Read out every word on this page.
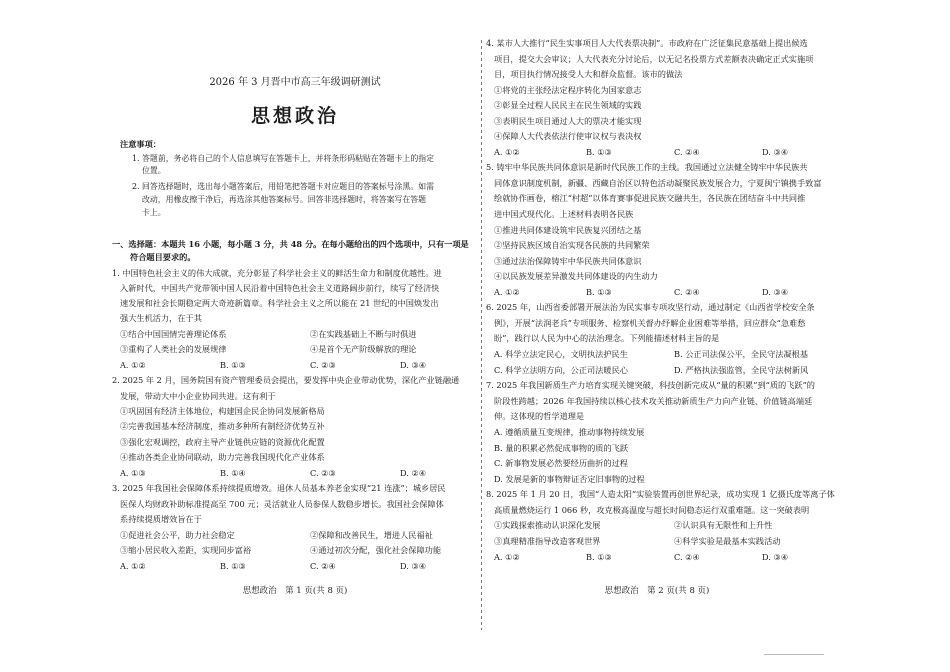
2026 年 3 月晋中市高三年级调研测试
思想政治
注意事项：
1. 答题前，务必将自己的个人信息填写在答题卡上，并将条形码粘贴在答题卡上的指定
位置。
2. 回答选择题时，选出每小题答案后，用铅笔把答题卡对应题目的答案标号涂黑。如需
改动，用橡皮擦干净后，再选涂其他答案标号。回答非选择题时，将答案写在答题
卡上。
一、选择题：本题共 16 小题，每小题 3 分，共 48 分。在每小题给出的四个选项中，只有一项是
符合题目要求的。
1. 中国特色社会主义的伟大成就，充分彰显了科学社会主义的鲜活生命力和制度优越性。进
入新时代，中国共产党带领中国人民沿着中国特色社会主义道路阔步前行，续写了经济快
速发展和社会长期稳定两大奇迹新篇章。科学社会主义之所以能在 21 世纪的中国焕发出
强大生机活力，在于其
①结合中国国情完善理论体系	②在实践基础上不断与时俱进
③重构了人类社会的发展规律	④是首个无产阶级解放的理论
A. ①②	B. ①③	C. ②③	D. ③④
2. 2025 年 2 月，国务院国有资产管理委员会提出，要发挥中央企业带动优势，深化产业链融通
发展，带动大中小企业协同共进。这有利于
①巩固国有经济主体地位，构建国企民企协同发展新格局
②完善我国基本经济制度，推动多种所有制经济优势互补
③强化宏观调控，政府主导产业链供应链的资源优化配置
④推动各类企业协同联动，助力完善我国现代化产业体系
A. ①③	B. ①④	C. ②③	D. ②④
3. 2025 年我国社会保障体系持续提质增效。退休人员基本养老金实现“21 连涨”；城乡居民
医保人均财政补助标准提高至 700 元；灵活就业人员参保人数稳步增长。我国社会保障体
系持续提质增效旨在于
①促进社会公平，助力社会稳定	②保障和改善民生，增进人民福祉
③缩小居民收入差距，实现同步富裕	④通过初次分配，强化社会保障功能
A. ①②	B. ①③	C. ②④	D. ③④
思想政治　第 1 页(共 8 页)
4. 某市人大推行“民生实事项目人大代表票决制”。市政府在广泛征集民意基础上提出候选
项目，提交大会审议；人大代表充分讨论后，以无记名投票方式差额表决确定正式实施项
目，项目执行情况接受人大和群众监督。该市的做法
①将党的主张经法定程序转化为国家意志
②彰显全过程人民民主在民生领域的实践
③表明民生项目通过人大的票决才能实现
④保障人大代表依法行使审议权与表决权
A. ①②	B. ①③	C. ②④	D. ③④
5. 铸牢中华民族共同体意识是新时代民族工作的主线。我国通过立法健全铸牢中华民族共
同体意识制度机制，新疆、西藏自治区以特色活动凝聚民族发展合力，宁夏闽宁镇携手致富
绘就协作画卷，榕江“村超”以体育赛事促进民族交融共生，各民族在团结奋斗中共同推
进中国式现代化。上述材料表明各民族
①推进共同体建设筑牢民族复兴团结之基
②坚持民族区域自治实现各民族的共同繁荣
③通过法治保障铸牢中华民族共同体意识
④以民族发展差异激发共同体建设的内生动力
A. ①②	B. ①③	C. ②④	D. ③④
6. 2025 年，山西省委部署开展法治为民实事专项攻坚行动，通过制定《山西省学校安全条
例》，开展“法润老兵”专项服务、检察机关督办纾解企业困难等举措，回应群众“急难愁
盼”，践行以人民为中心的法治理念。下列能描述材料主旨的是
A. 科学立法定民心，文明执法护民生	B. 公正司法保公平，全民守法凝根基
C. 科学立法明方向，公正司法暖民心	D. 严格执法强监管，全民守法树新风
7. 2025 年我国新质生产力培育实现关键突破，科技创新完成从“量的积累”到“质的飞跃”的
阶段性跨越；2026 年我国持续以核心技术攻关推动新质生产力向产业链、价值链高端延
伸。这体现的哲学道理是
A. 遵循质量互变规律，推动事物持续发展
B. 量的积累必然促成事物的质的飞跃
C. 新事物发展必然要经历曲折的过程
D. 发展是新的事物辩证否定旧事物的过程
8. 2025 年 1 月 20 日，我国“人造太阳”实验装置再创世界纪录，成功实现 1 亿摄氏度等离子体
高质量燃烧运行 1 066 秒，攻克极高温度与超长时间稳态运行双重难题。这一突破表明
①实践探索推动认识深化发展	②认识具有无限性和上升性
③真理精准指导改造客观世界	④科学实验是最基本实践活动
A. ①②	B. ①③	C. ②④	D. ③④
思想政治　第 2 页(共 8 页)
